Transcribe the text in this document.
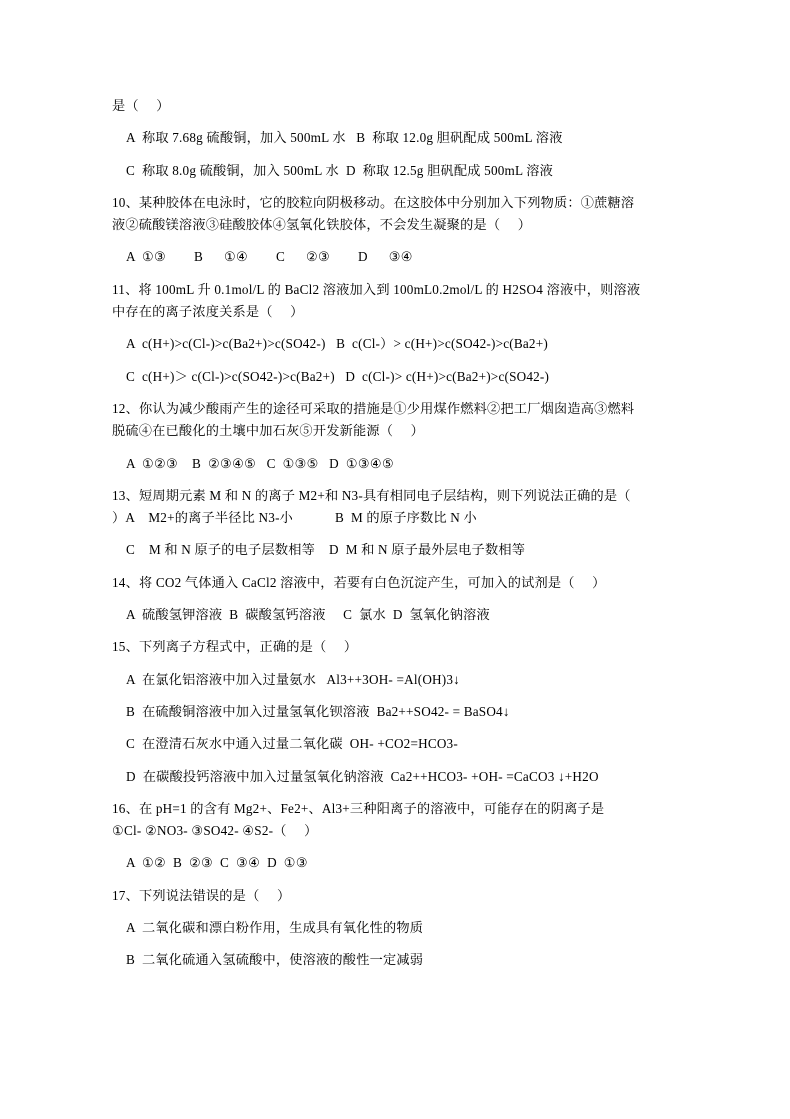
是（     ）

A  称取 7.68g 硫酸铜，加入 500mL 水   B  称取 12.0g 胆矾配成 500mL 溶液

C  称取 8.0g 硫酸铜，加入 500mL 水  D  称取 12.5g 胆矾配成 500mL 溶液

10、某种胶体在电泳时，它的胶粒向阴极移动。在这胶体中分别加入下列物质：①蔗糖溶

液②硫酸镁溶液③硅酸胶体④氢氧化铁胶体，不会发生凝聚的是（     ）

A  ①③        B      ①④        C      ②③        D      ③④

11、将 100mL 升 0.1mol/L 的 BaCl2 溶液加入到 100mL0.2mol/L 的 H2SO4 溶液中，则溶液

中存在的离子浓度关系是（     ）

A  c(H+)>c(Cl-)>c(Ba2+)>c(SO42-)   B  c(Cl-）> c(H+)>c(SO42-)>c(Ba2+)

C  c(H+)＞ c(Cl-)>c(SO42-)>c(Ba2+)   D  c(Cl-)> c(H+)>c(Ba2+)>c(SO42-)

12、你认为减少酸雨产生的途径可采取的措施是①少用煤作燃料②把工厂烟囱造高③燃料

脱硫④在已酸化的土壤中加石灰⑤开发新能源（     ）

A  ①②③    B  ②③④⑤   C  ①③⑤   D  ①③④⑤

13、短周期元素 M 和 N 的离子 M2+和 N3-具有相同电子层结构，则下列说法正确的是（

）A    M2+的离子半径比 N3-小            B  M 的原子序数比 N 小

C    M 和 N 原子的电子层数相等    D  M 和 N 原子最外层电子数相等

14、将 CO2 气体通入 CaCl2 溶液中，若要有白色沉淀产生，可加入的试剂是（     ）

A  硫酸氢钾溶液  B  碳酸氢钙溶液     C  氯水  D  氢氧化钠溶液

15、下列离子方程式中，正确的是（     ）

A  在氯化铝溶液中加入过量氨水   Al3++3OH- =Al(OH)3↓

B  在硫酸铜溶液中加入过量氢氧化钡溶液  Ba2++SO42- = BaSO4↓

C  在澄清石灰水中通入过量二氧化碳  OH- +CO2=HCO3-

D  在碳酸投钙溶液中加入过量氢氧化钠溶液  Ca2++HCO3- +OH- =CaCO3 ↓+H2O

16、在 pH=1 的含有 Mg2+、Fe2+、Al3+三种阳离子的溶液中，可能存在的阴离子是

①Cl- ②NO3- ③SO42- ④S2-（     ）

A  ①②  B  ②③  C  ③④  D  ①③

17、下列说法错误的是（     ）

A  二氧化碳和漂白粉作用，生成具有氧化性的物质

B  二氧化硫通入氢硫酸中，使溶液的酸性一定减弱
